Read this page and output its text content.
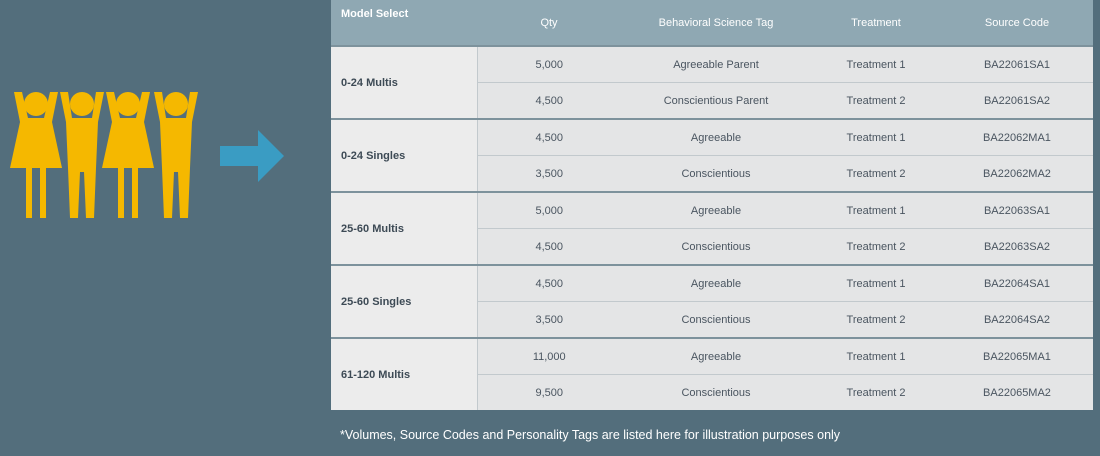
Model Select	Qty	Behavioral Science Tag	Treatment	Source Code
0-24 Multis	5,000	Agreeable Parent	Treatment 1	BA22061SA1
	4,500	Conscientious Parent	Treatment 2	BA22061SA2
0-24 Singles	4,500	Agreeable	Treatment 1	BA22062MA1
	3,500	Conscientious	Treatment 2	BA22062MA2
25-60 Multis	5,000	Agreeable	Treatment 1	BA22063SA1
	4,500	Conscientious	Treatment 2	BA22063SA2
25-60 Singles	4,500	Agreeable	Treatment 1	BA22064SA1
	3,500	Conscientious	Treatment 2	BA22064SA2
61-120 Multis	11,000	Agreeable	Treatment 1	BA22065MA1
	9,500	Conscientious	Treatment 2	BA22065MA2
*Volumes, Source Codes and Personality Tags are listed here for illustration purposes only
